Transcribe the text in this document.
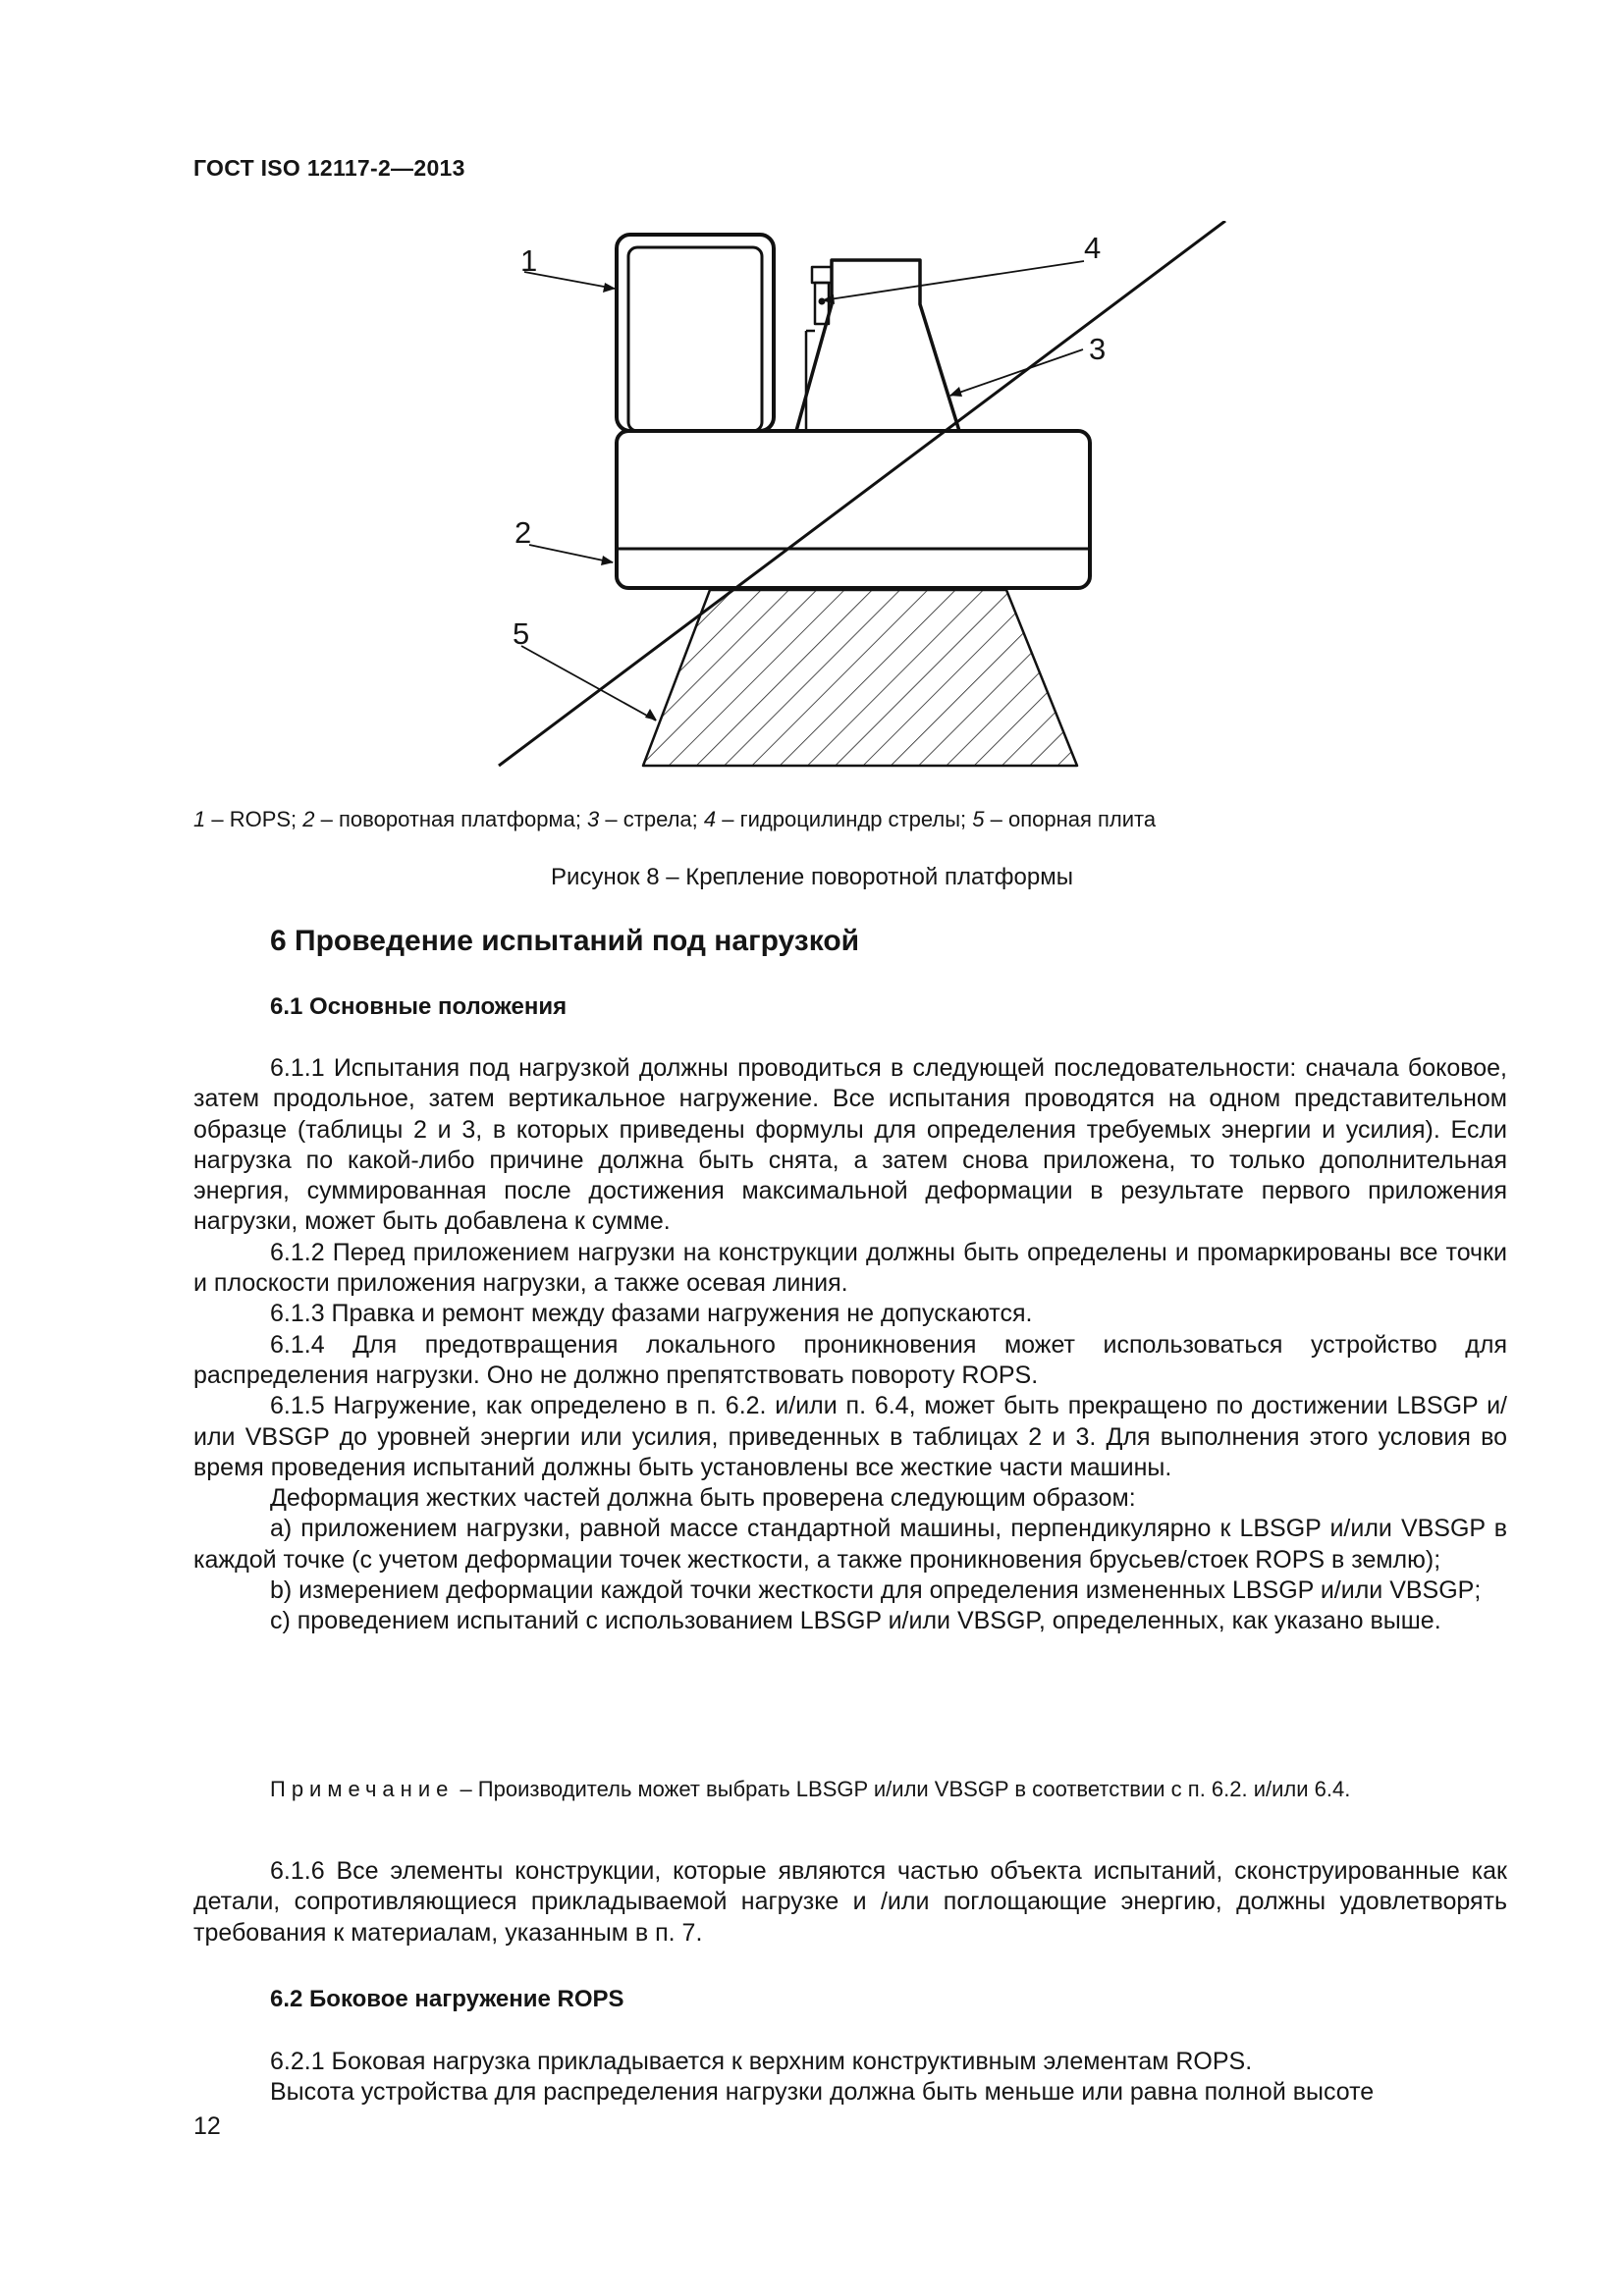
ГОСТ ISO 12117-2—2013
1
2
5
4
3
1 – ROPS; 2 – поворотная платформа; 3 – стрела; 4 – гидроцилиндр стрелы; 5 – опорная плита
Рисунок 8 – Крепление поворотной платформы
6 Проведение испытаний под нагрузкой
6.1 Основные положения

6.1.1 Испытания под нагрузкой должны проводиться в следующей последовательности: сначала боковое, затем продольное, затем вертикальное нагружение. Все испытания проводятся на одном представительном образце (таблицы 2 и 3, в которых приведены формулы для определения требуемых энергии и усилия). Если нагрузка по какой-либо причине должна быть снята, а затем снова приложена, то только дополнительная энергия, суммированная после достижения максимальной деформации в результате первого приложения нагрузки, может быть добавлена к сумме.

6.1.2 Перед приложением нагрузки на конструкции должны быть определены и промаркированы все точки и плоскости приложения нагрузки, а также осевая линия.

6.1.3 Правка и ремонт между фазами нагружения не допускаются.

6.1.4 Для предотвращения локального проникновения может использоваться устройство для распределения нагрузки. Оно не должно препятствовать повороту ROPS.

6.1.5 Нагружение, как определено в п. 6.2. и/или п. 6.4, может быть прекращено по достижении LBSGP и/или VBSGP до уровней энергии или усилия, приведенных в таблицах 2 и 3. Для выполнения этого условия во время проведения испытаний должны быть установлены все жесткие части машины.

Деформация жестких частей должна быть проверена следующим образом:

а) приложением нагрузки, равной массе стандартной машины, перпендикулярно к LBSGP и/или VBSGP в каждой точке (с учетом деформации точек жесткости, а также проникновения брусьев/стоек ROPS в землю);

b) измерением деформации каждой точки жесткости для определения измененных LBSGP и/или VBSGP;

с) проведением испытаний с использованием LBSGP и/или VBSGP, определенных, как указано выше.

Примечание – Производитель может выбрать LBSGP и/или VBSGP в соответствии с п. 6.2. и/или 6.4.

6.1.6 Все элементы конструкции, которые являются частью объекта испытаний, сконструированные как детали, сопротивляющиеся прикладываемой нагрузке и /или поглощающие энергию, должны удовлетворять требования к материалам, указанным в п. 7.

6.2 Боковое нагружение ROPS

6.2.1 Боковая нагрузка прикладывается к верхним конструктивным элементам ROPS.

Высота устройства для распределения нагрузки должна быть меньше или равна полной высоте

12
